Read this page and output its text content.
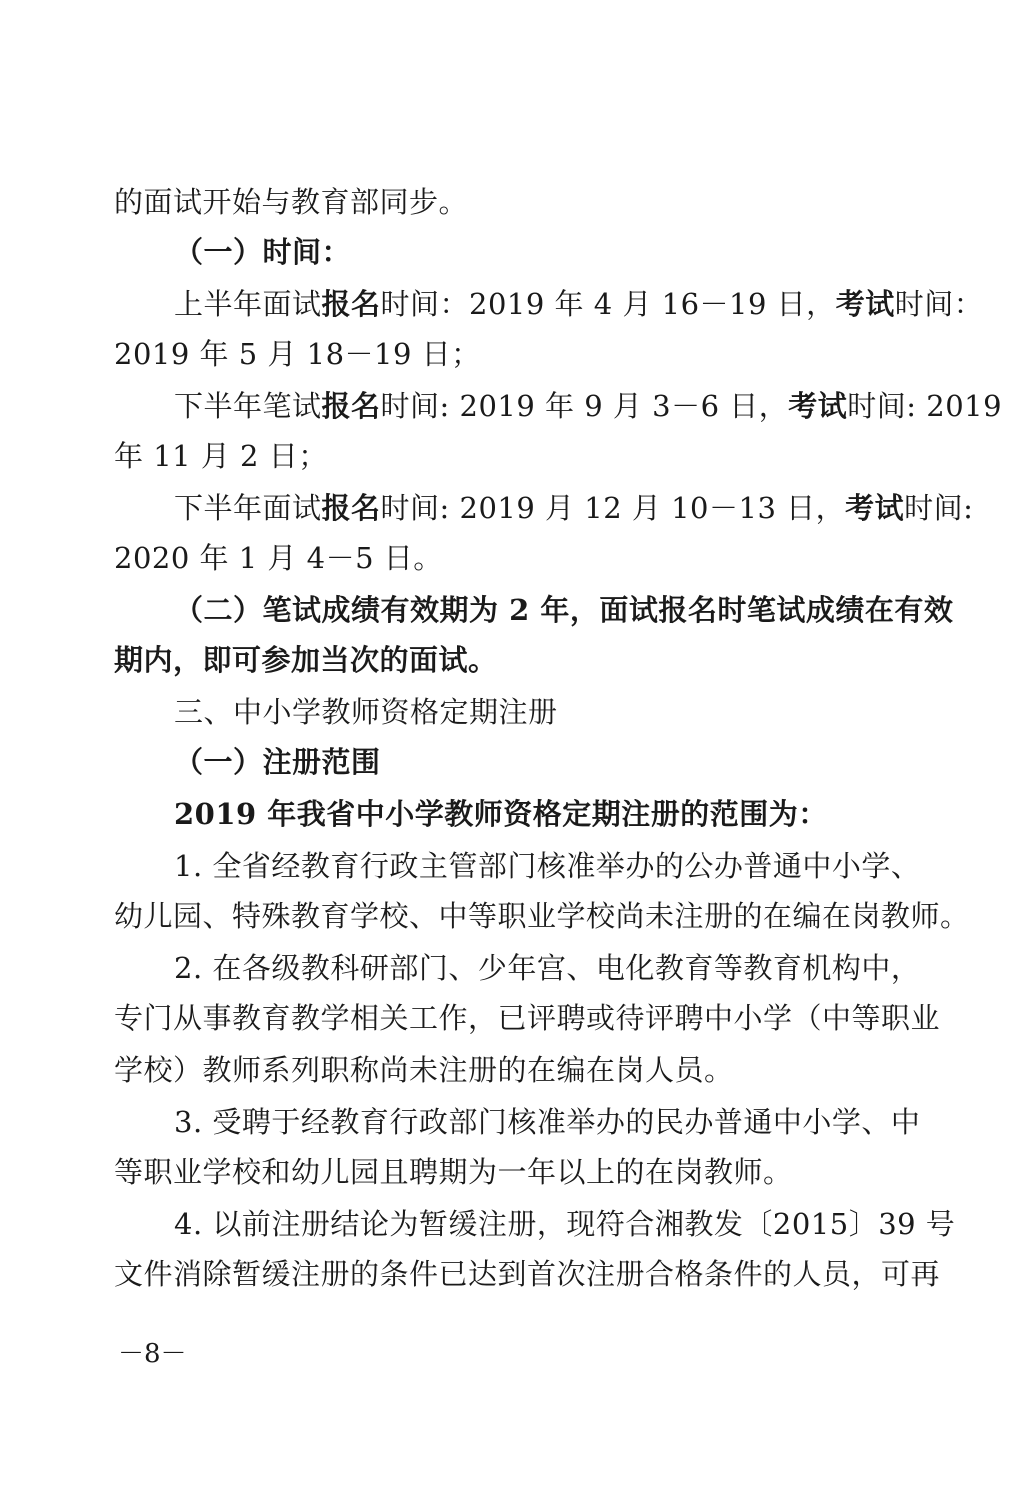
的面试开始与教育部同步。
（一）时间：
上半年面试报名时间：2019 年 4 月 16－19 日，考试时间：
2019 年 5 月 18－19 日；
下半年笔试报名时间: 2019 年 9 月 3－6 日，考试时间: 2019
年 11 月 2 日；
下半年面试报名时间: 2019 月 12 月 10－13 日，考试时间:
2020 年 1 月 4－5 日。
（二）笔试成绩有效期为 2 年，面试报名时笔试成绩在有效
期内，即可参加当次的面试。
三、中小学教师资格定期注册
（一）注册范围
2019 年我省中小学教师资格定期注册的范围为：
1. 全省经教育行政主管部门核准举办的公办普通中小学、
幼儿园、特殊教育学校、中等职业学校尚未注册的在编在岗教师。
2. 在各级教科研部门、少年宫、电化教育等教育机构中，
专门从事教育教学相关工作，已评聘或待评聘中小学（中等职业
学校）教师系列职称尚未注册的在编在岗人员。
3. 受聘于经教育行政部门核准举办的民办普通中小学、中
等职业学校和幼儿园且聘期为一年以上的在岗教师。
4. 以前注册结论为暂缓注册，现符合湘教发〔2015〕39 号
文件消除暂缓注册的条件已达到首次注册合格条件的人员，可再
－8－
